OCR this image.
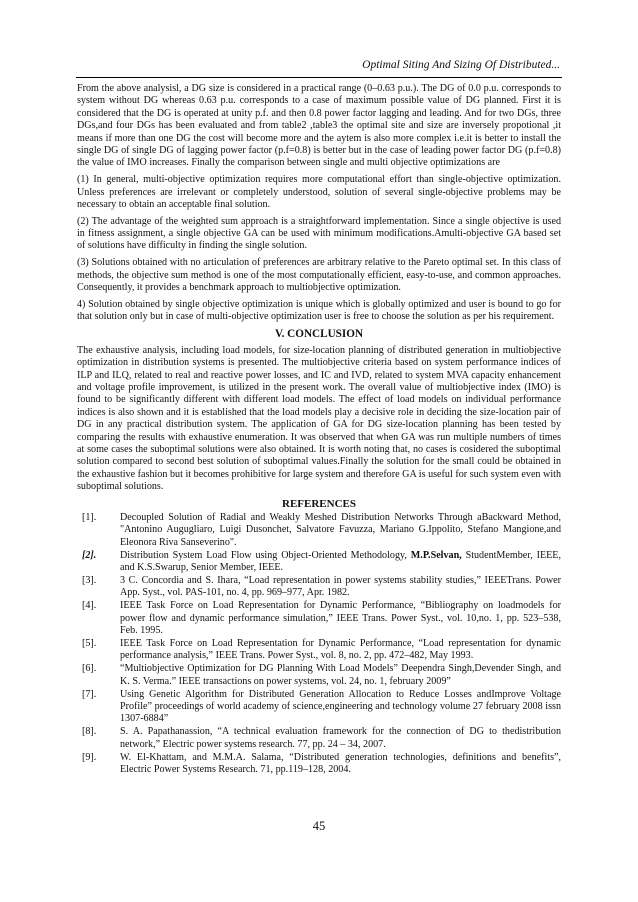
Optimal Siting And Sizing Of Distributed...

From the above analysisl, a DG size is considered in a practical range (0–0.63 p.u.). The DG of 0.0 p.u. corresponds to system without DG whereas 0.63 p.u. corresponds to a case of maximum possible value of DG planned. First it is considered that the DG is operated at unity p.f. and then 0.8 power factor lagging and leading. And for two DGs, three DGs,and four DGs has been evaluated and from table2 ,table3 the optimal site and size are inversely propotional ,it means if more than one DG the cost will become more and the aytem is also more complex i.e.it is better to install the single DG of single DG of lagging power factor (p.f=0.8) is better but in the case of leading power factor DG (p.f=0.8) the value of IMO increases. Finally the comparison between single and multi objective optimizations are

(1) In general, multi-objective optimization requires more computational effort than single-objective optimization. Unless preferences are irrelevant or completely understood, solution of several single-objective problems may be necessary to obtain an acceptable final solution.

(2) The advantage of the weighted sum approach is a straightforward implementation. Since a single objective is used in fitness assignment, a single objective GA can be used with minimum modifications.Amulti-objective GA based set of solutions have difficulty in finding the single solution.

(3) Solutions obtained with no articulation of preferences are arbitrary relative to the Pareto optimal set. In this class of methods, the objective sum method is one of the most computationally efficient, easy-to-use, and common approaches. Consequently, it provides a benchmark approach to multiobjective optimization.

4) Solution obtained by single objective optimization is unique which is globally optimized and user is bound to go for that solution only but in case of multi-objective optimization user is free to choose the solution as per his requirement.

V. CONCLUSION

The exhaustive analysis, including load models, for size-location planning of distributed generation in multiobjective optimization in distribution systems is presented. The multiobjective criteria based on system performance indices of ILP and ILQ, related to real and reactive power losses, and IC and IVD, related to system MVA capacity enhancement and voltage profile improvement, is utilized in the present work. The overall value of multiobjective index (IMO) is found to be significantly different with different load models. The effect of load models on individual performance indices is also shown and it is established that the load models play a decisive role in deciding the size-location pair of DG in any practical distribution system. The application of GA for DG size-location planning has been tested by comparing the results with exhaustive enumeration. It was observed that when GA was run multiple numbers of times at some cases the suboptimal solutions were also obtained. It is worth noting that, no cases is cosidered the suboptimal solution compared to second best solution of suboptimal values.Finally the solution for the small could be obtained in the exhaustive fashion but it becomes prohibitive for large system and therefore GA is useful for such system even with suboptimal solutions.

REFERENCES
[1].	Decoupled Solution of Radial and Weakly Meshed Distribution Networks Through aBackward Method, "Antonino Augugliaro, Luigi Dusonchet, Salvatore Favuzza, Mariano G.Ippolito, Stefano Mangione,and Eleonora Riva Sanseverino".
[2].	Distribution System Load Flow using Object-Oriented Methodology, M.P.Selvan, StudentMember, IEEE, and K.S.Swarup, Senior Member, IEEE.
[3].	3 C. Concordia and S. Ihara, “Load representation in power systems stability studies,” IEEETrans. Power App. Syst., vol. PAS-101, no. 4, pp. 969–977, Apr. 1982.
[4].	IEEE Task Force on Load Representation for Dynamic Performance, “Bibliography on loadmodels for power flow and dynamic performance simulation,” IEEE Trans. Power Syst., vol. 10,no. 1, pp. 523–538, Feb. 1995.
[5].	IEEE Task Force on Load Representation for Dynamic Performance, “Load representation for dynamic performance analysis,” IEEE Trans. Power Syst., vol. 8, no. 2, pp. 472–482, May 1993.
[6].	“Multiobjective Optimization for DG Planning With Load Models” Deependra Singh,Devender Singh, and K. S. Verma.” IEEE transactions on power systems, vol. 24, no. 1, february 2009”
[7].	Using Genetic Algorithm for Distributed Generation Allocation to Reduce Losses andImprove Voltage Profile” proceedings of world academy of science,engineering and technology volume 27 february 2008 issn 1307-6884”
[8].	S. A. Papathanassion, “A technical evaluation framework for the connection of DG to thedistribution network,” Electric power systems research. 77, pp. 24 – 34, 2007.
[9].	W. El-Khattam, and M.M.A. Salama, “Distributed generation technologies, definitions and benefits”, Electric Power Systems Research. 71, pp.119–128, 2004.
45
